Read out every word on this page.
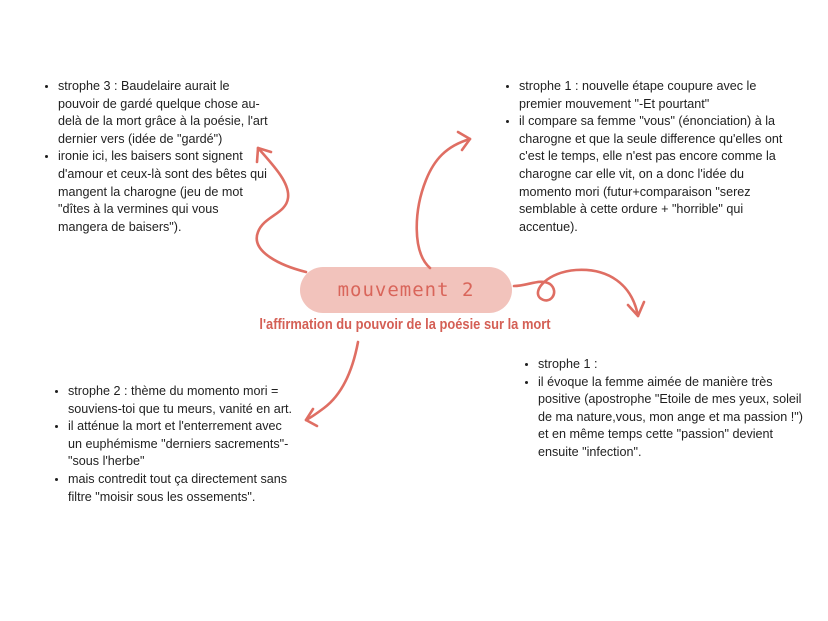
• strophe 3 : Baudelaire aurait le pouvoir de gardé quelque chose au-delà de la mort grâce à la poésie, l'art dernier vers (idée de "gardé")
• ironie ici, les baisers sont signent d'amour et ceux-là sont des bêtes qui mangent la charogne (jeu de mot "dîtes à la vermines qui vous mangera de baisers").
• strophe 1 : nouvelle étape coupure avec le premier mouvement "-Et pourtant"
• il compare sa femme "vous" (énonciation) à la charogne et que la seule difference qu'elles ont c'est le temps, elle n'est pas encore comme la charogne car elle vit, on a donc l'idée du momento mori (futur+comparaison "serez semblable à cette ordure + "horrible" qui accentue).
• strophe 2 : thème du momento mori = souviens-toi que tu meurs, vanité en art.
• il atténue la mort et l'enterrement avec un euphémisme "derniers sacrements"-"sous l'herbe"
• mais contredit tout ça directement sans filtre "moisir sous les ossements".
• strophe 1 :
• il évoque la femme aimée de manière très positive (apostrophe "Etoile de mes yeux, soleil de ma nature,vous, mon ange et ma passion !") et en même temps cette "passion" devient ensuite "infection".
mouvement 2
l'affirmation du pouvoir de la poésie sur la mort
